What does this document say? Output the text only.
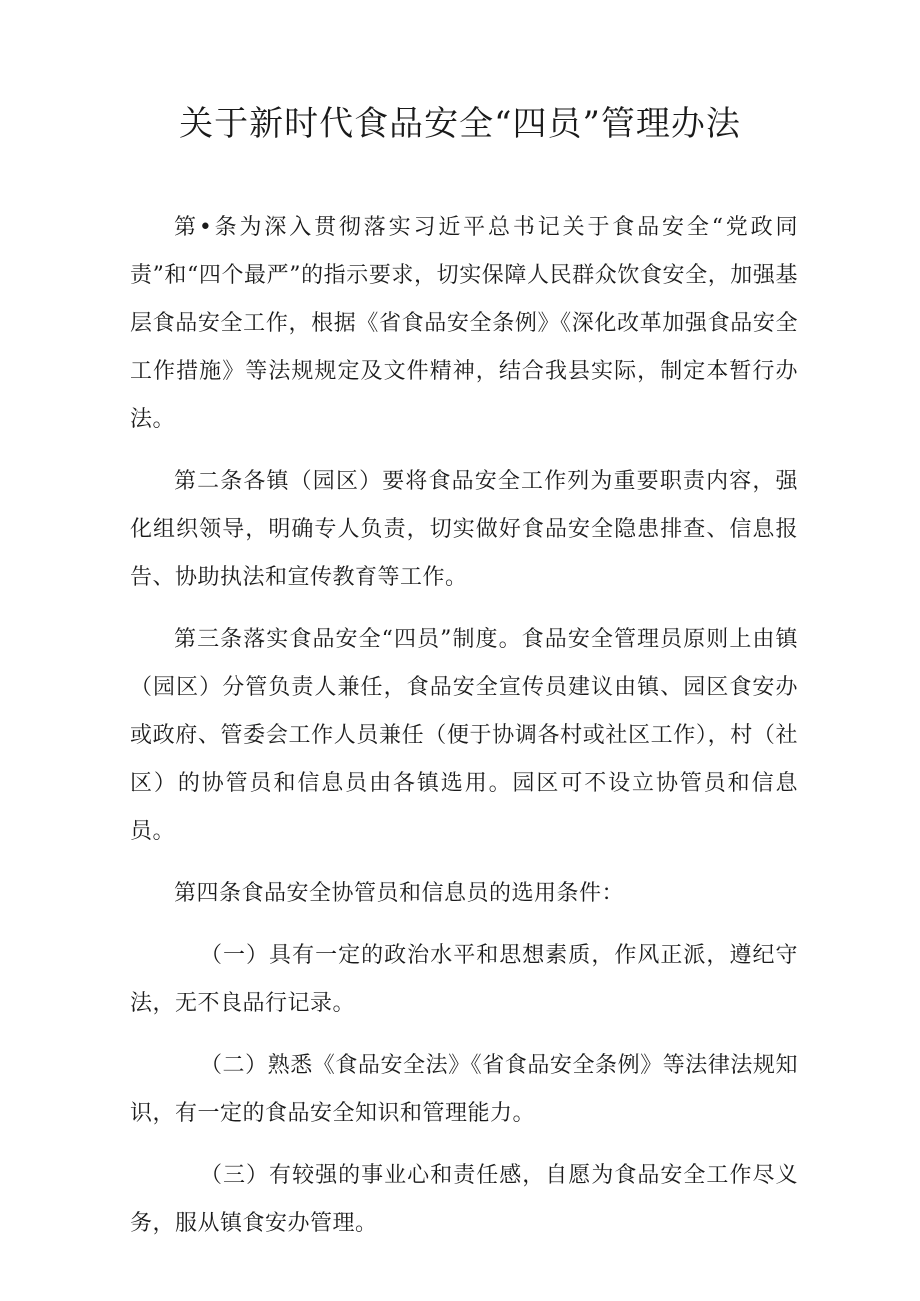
关于新时代食品安全“四员”管理办法

第•条为深入贯彻落实习近平总书记关于食品安全“党政同责”和“四个最严”的指示要求，切实保障人民群众饮食安全，加强基层食品安全工作，根据《省食品安全条例》《深化改革加强食品安全工作措施》等法规规定及文件精神，结合我县实际，制定本暂行办法。

第二条各镇（园区）要将食品安全工作列为重要职责内容，强化组织领导，明确专人负责，切实做好食品安全隐患排查、信息报告、协助执法和宣传教育等工作。

第三条落实食品安全“四员”制度。食品安全管理员原则上由镇（园区）分管负责人兼任，食品安全宣传员建议由镇、园区食安办或政府、管委会工作人员兼任（便于协调各村或社区工作），村（社区）的协管员和信息员由各镇选用。园区可不设立协管员和信息员。

第四条食品安全协管员和信息员的选用条件：

（一）具有一定的政治水平和思想素质，作风正派，遵纪守法，无不良品行记录。

（二）熟悉《食品安全法》《省食品安全条例》等法律法规知识，有一定的食品安全知识和管理能力。

（三）有较强的事业心和责任感，自愿为食品安全工作尽义务，服从镇食安办管理。
